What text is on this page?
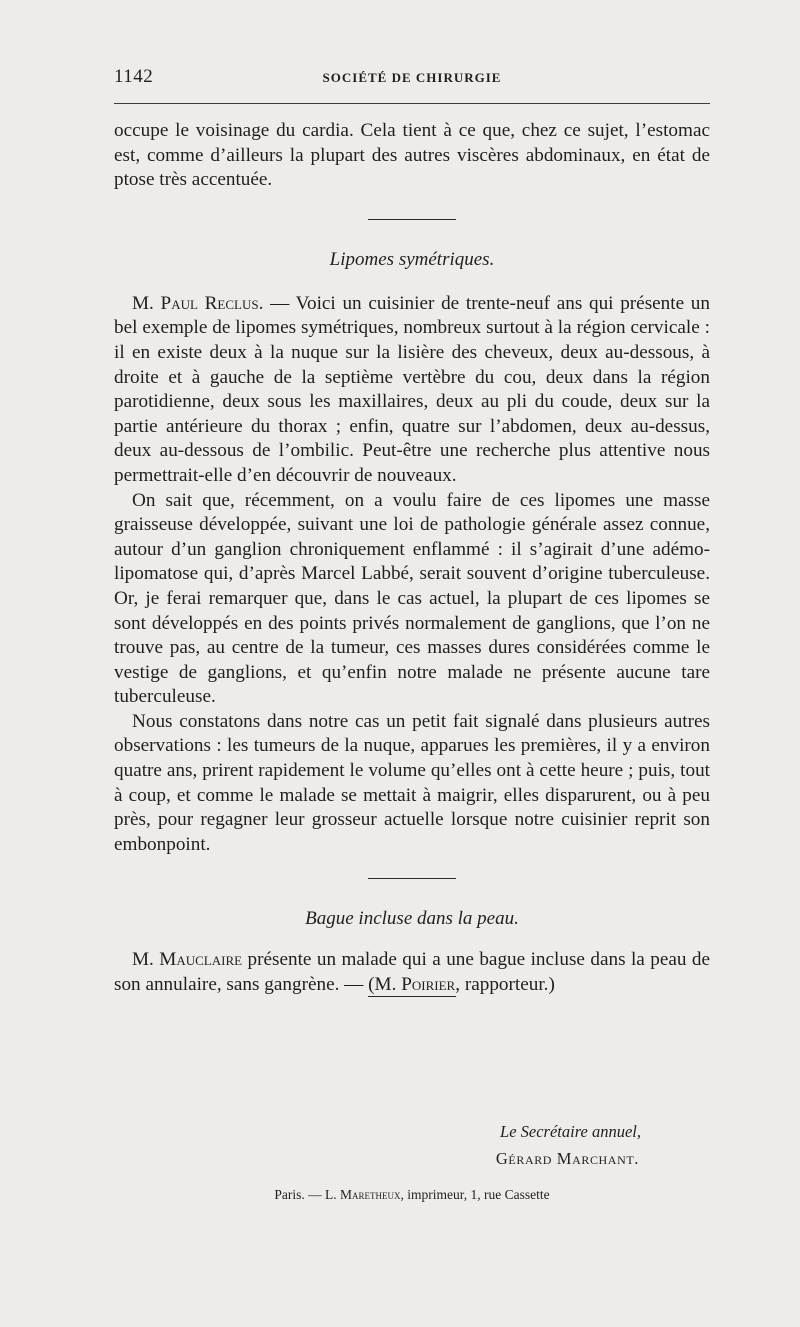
1142	SOCIÉTÉ DE CHIRURGIE

occupe le voisinage du cardia. Cela tient à ce que, chez ce sujet, l’estomac est, comme d’ailleurs la plupart des autres viscères abdominaux, en état de ptose très accentuée.

Lipomes symétriques.

M. Paul Reclus. — Voici un cuisinier de trente-neuf ans qui présente un bel exemple de lipomes symétriques, nombreux surtout à la région cervicale : il en existe deux à la nuque sur la lisière des cheveux, deux au-dessous, à droite et à gauche de la septième vertèbre du cou, deux dans la région parotidienne, deux sous les maxillaires, deux au pli du coude, deux sur la partie antérieure du thorax ; enfin, quatre sur l’abdomen, deux au-dessus, deux au-dessous de l’ombilic. Peut-être une recherche plus attentive nous permettrait-elle d’en découvrir de nouveaux.

On sait que, récemment, on a voulu faire de ces lipomes une masse graisseuse développée, suivant une loi de pathologie générale assez connue, autour d’un ganglion chroniquement enflammé : il s’agirait d’une adémo-lipomatose qui, d’après Marcel Labbé, serait souvent d’origine tuberculeuse. Or, je ferai remarquer que, dans le cas actuel, la plupart de ces lipomes se sont développés en des points privés normalement de ganglions, que l’on ne trouve pas, au centre de la tumeur, ces masses dures considérées comme le vestige de ganglions, et qu’enfin notre malade ne présente aucune tare tuberculeuse.

Nous constatons dans notre cas un petit fait signalé dans plusieurs autres observations : les tumeurs de la nuque, apparues les premières, il y a environ quatre ans, prirent rapidement le volume qu’elles ont à cette heure ; puis, tout à coup, et comme le malade se mettait à maigrir, elles disparurent, ou à peu près, pour regagner leur grosseur actuelle lorsque notre cuisinier reprit son embonpoint.

Bague incluse dans la peau.

M. Mauclaire présente un malade qui a une bague incluse dans la peau de son annulaire, sans gangrène. — (M. Poirier, rapporteur.)

Le Secrétaire annuel,
Gérard Marchant.
Paris. — L. Maretheux, imprimeur, 1, rue Cassette
